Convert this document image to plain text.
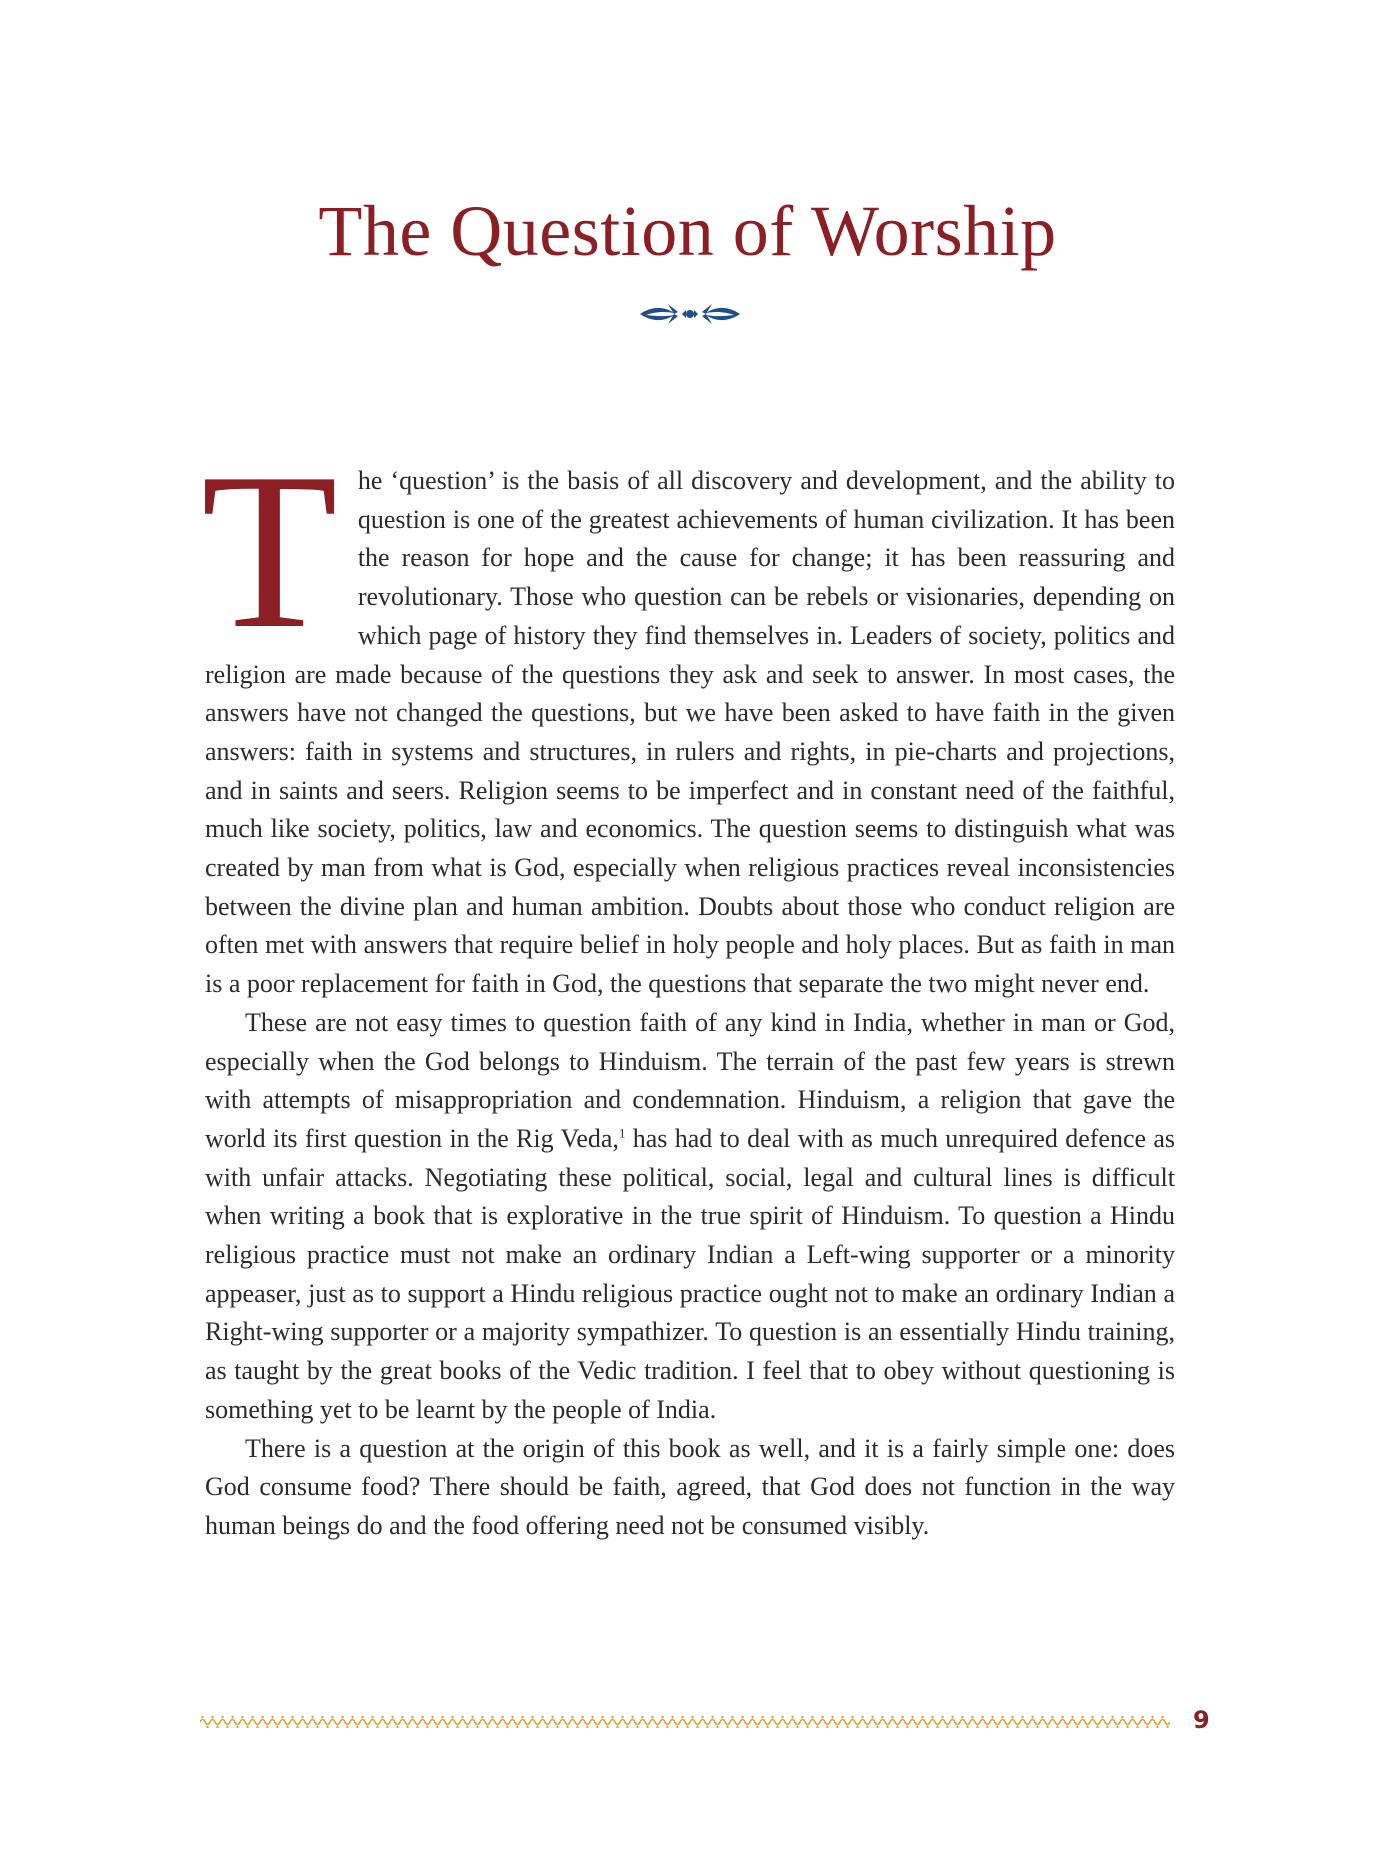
The Question of Worship

The ‘question’ is the basis of all discovery and development, and the ability to question is one of the greatest achievements of human civilization. It has been the reason for hope and the cause for change; it has been reassuring and revolutionary. Those who question can be rebels or visionaries, depending on which page of history they find themselves in. Leaders of society, politics and religion are made because of the questions they ask and seek to answer. In most cases, the answers have not changed the questions, but we have been asked to have faith in the given answers: faith in systems and structures, in rulers and rights, in pie-charts and projections, and in saints and seers. Religion seems to be imperfect and in constant need of the faithful, much like society, politics, law and economics. The question seems to distinguish what was created by man from what is God, especially when religious practices reveal inconsistencies between the divine plan and human ambition. Doubts about those who conduct religion are often met with answers that require belief in holy people and holy places. But as faith in man is a poor replacement for faith in God, the questions that separate the two might never end.

These are not easy times to question faith of any kind in India, whether in man or God, especially when the God belongs to Hinduism. The terrain of the past few years is strewn with attempts of misappropriation and condemnation. Hinduism, a religion that gave the world its first question in the Rig Veda,$^1$ has had to deal with as much unrequired defence as with unfair attacks. Negotiating these political, social, legal and cultural lines is difficult when writing a book that is explorative in the true spirit of Hinduism. To question a Hindu religious practice must not make an ordinary Indian a Left-wing supporter or a minority appeaser, just as to support a Hindu religious practice ought not to make an ordinary Indian a Right-wing supporter or a majority sympathizer. To question is an essentially Hindu training, as taught by the great books of the Vedic tradition. I feel that to obey without questioning is something yet to be learnt by the people of India.

There is a question at the origin of this book as well, and it is a fairly simple one: does God consume food? There should be faith, agreed, that God does not function in the way human beings do and the food offering need not be consumed visibly.

9
